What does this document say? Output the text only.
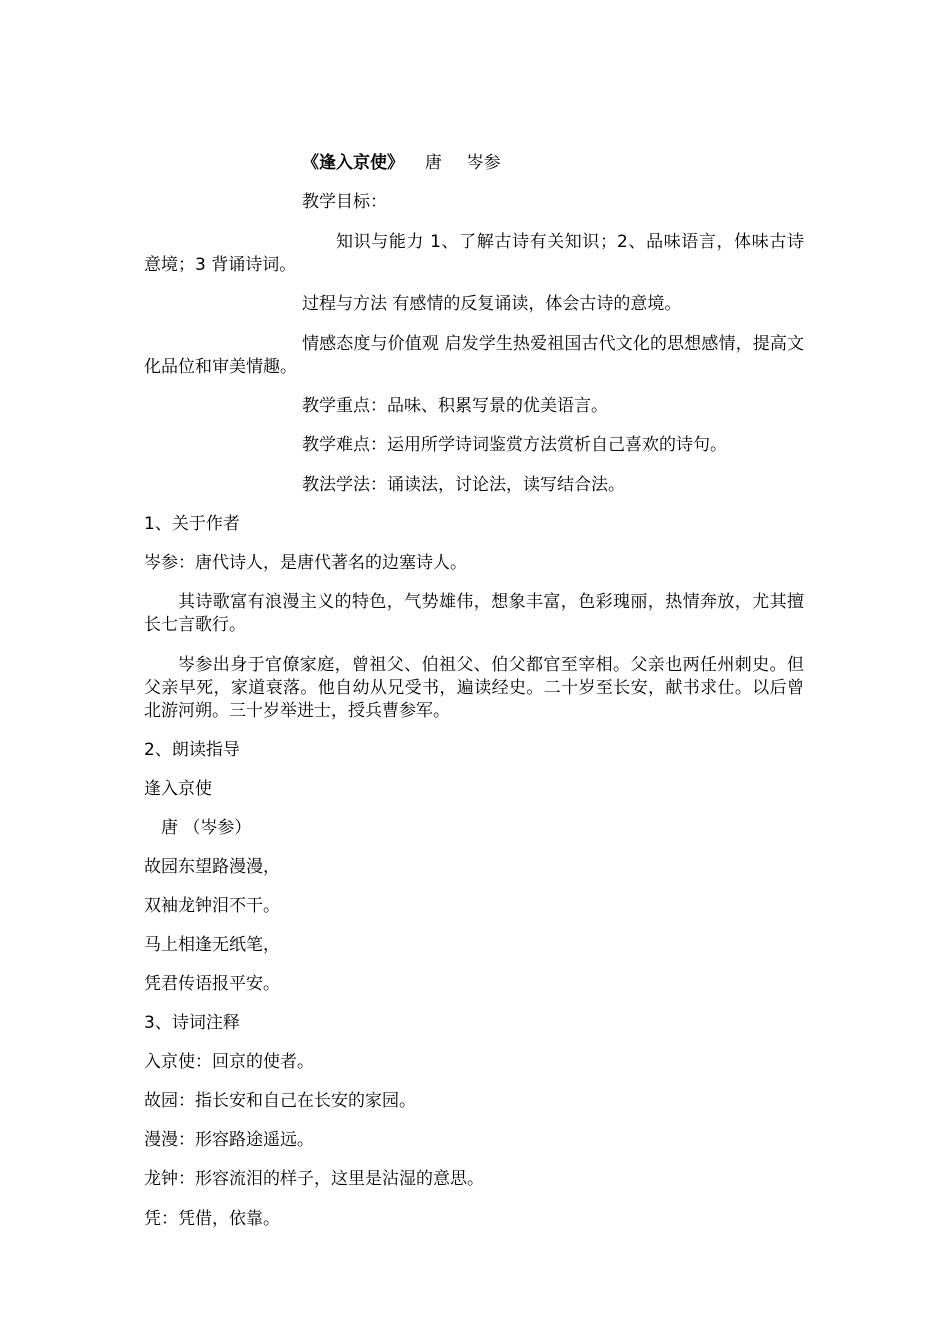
《逢入京使》 唐 岑参
教学目标：
知识与能力 1、了解古诗有关知识；2、品味语言，体味古诗意境；3 背诵诗词。
过程与方法 有感情的反复诵读，体会古诗的意境。
情感态度与价值观 启发学生热爱祖国古代文化的思想感情，提高文化品位和审美情趣。
教学重点：品味、积累写景的优美语言。
教学难点：运用所学诗词鉴赏方法赏析自己喜欢的诗句。
教法学法：诵读法，讨论法，读写结合法。
1、关于作者
岑参：唐代诗人，是唐代著名的边塞诗人。
其诗歌富有浪漫主义的特色，气势雄伟，想象丰富，色彩瑰丽，热情奔放，尤其擅长七言歌行。
岑参出身于官僚家庭，曾祖父、伯祖父、伯父都官至宰相。父亲也两任州刺史。但父亲早死，家道衰落。他自幼从兄受书，遍读经史。二十岁至长安，献书求仕。以后曾北游河朔。三十岁举进士，授兵曹参军。
2、朗读指导
逢入京使
唐 （岑参）
故园东望路漫漫，
双袖龙钟泪不干。
马上相逢无纸笔，
凭君传语报平安。
3、诗词注释
入京使：回京的使者。
故园：指长安和自己在长安的家园。
漫漫：形容路途遥远。
龙钟：形容流泪的样子，这里是沾湿的意思。
凭：凭借，依靠。
